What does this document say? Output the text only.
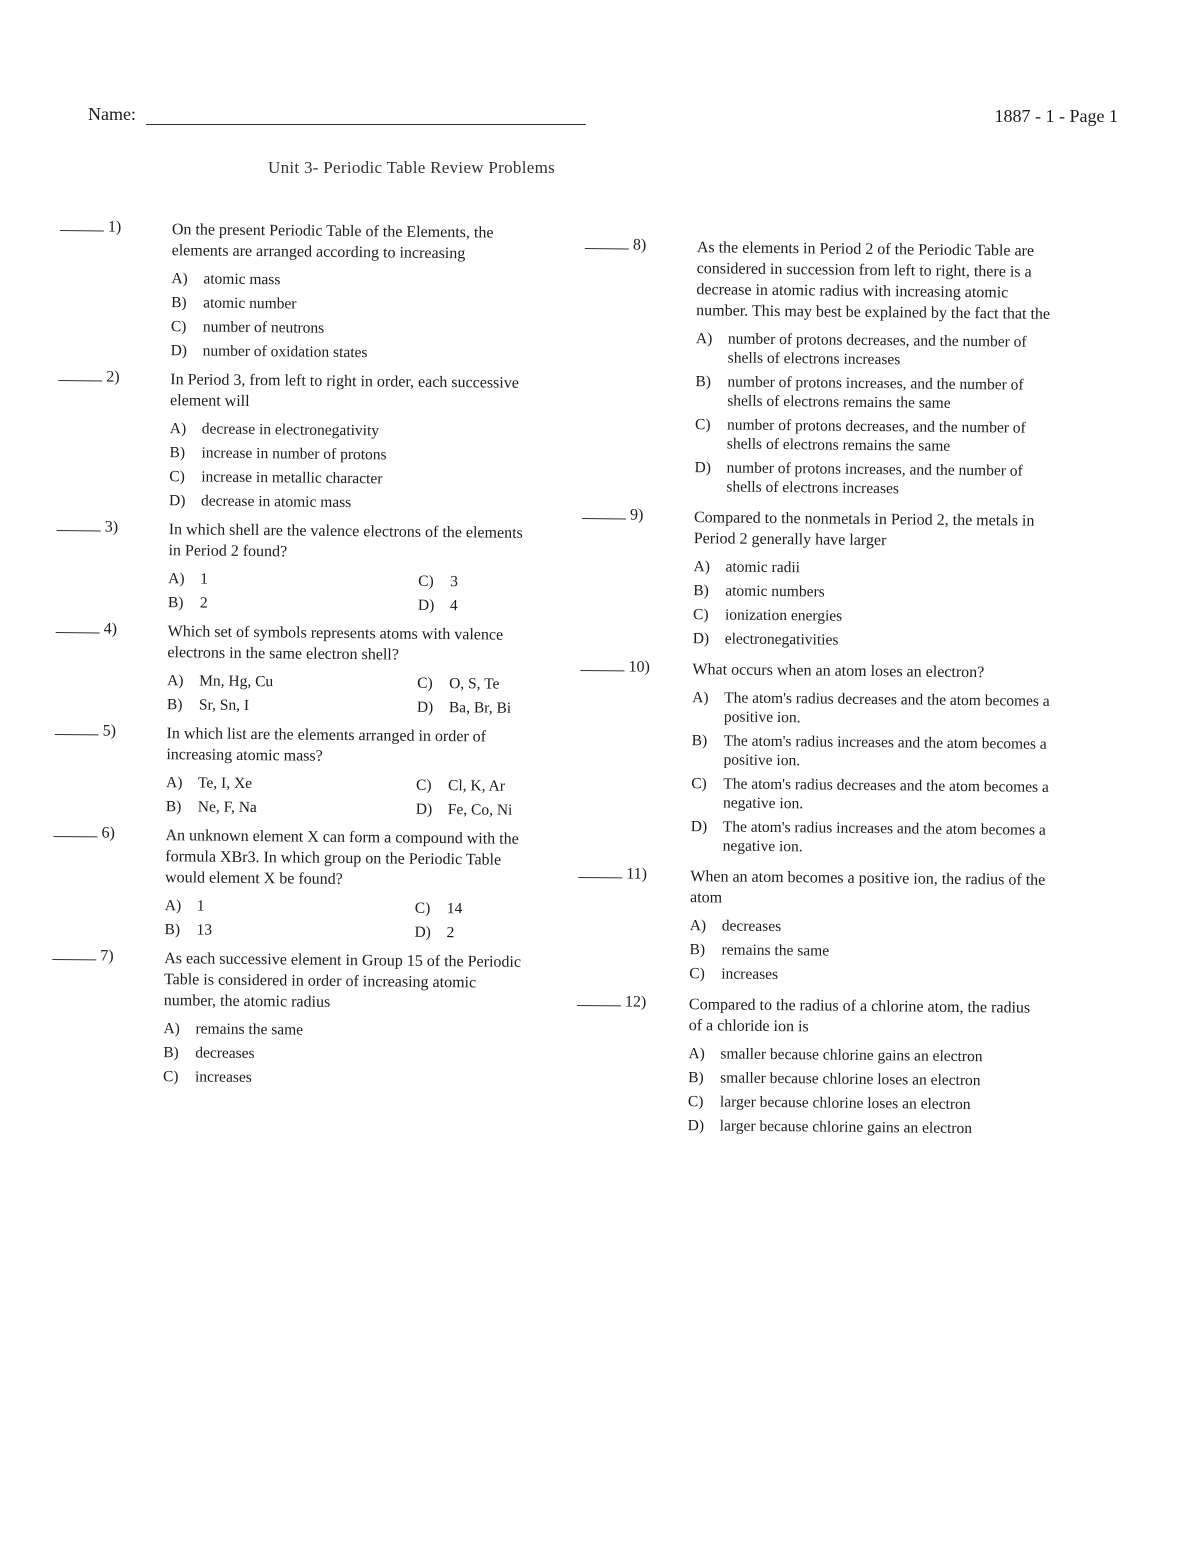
Name:	1887 - 1 - Page 1
Unit 3- Periodic Table Review Problems
1)	On the present Periodic Table of the Elements, the elements are arranged according to increasing
A) atomic mass
B)	atomic number
C)	number of neutrons
D) number of oxidation states
2)	In Period 3, from left to right in order, each successive element will
A) decrease in electronegativity
B)	increase in number of protons
C)	increase in metallic character
D) decrease in atomic mass
3)	In which shell are the valence electrons of the elements in Period 2 found?
A) 1	C)	3
B)	2	D) 4
4)	Which set of symbols represents atoms with valence electrons in the same electron shell?
A) Mn, Hg, Cu	C)	O, S, Te
B)	Sr, Sn, I	D) Ba, Br, Bi
5)	In which list are the elements arranged in order of increasing atomic mass?
A) Te, I, Xe	C)	Cl, K, Ar
B)	Ne, F, Na	D) Fe, Co, Ni
6)	An unknown element X can form a compound with the formula XBr3. In which group on the Periodic Table would element X be found?
A) 1	C)	14
B)	13	D) 2
7)	As each successive element in Group 15 of the Periodic Table is considered in order of increasing atomic number, the atomic radius
A) remains the same
B)	decreases
C)	increases
8)	As the elements in Period 2 of the Periodic Table are considered in succession from left to right, there is a decrease in atomic radius with increasing atomic number. This may best be explained by the fact that the
A) number of protons decreases, and the number of shells of electrons increases
B)	number of protons increases, and the number of shells of electrons remains the same
C)	number of protons decreases, and the number of shells of electrons remains the same
D) number of protons increases, and the number of shells of electrons increases
9)	Compared to the nonmetals in Period 2, the metals in Period 2 generally have larger
A) atomic radii
B)	atomic numbers
C)	ionization energies
D) electronegativities
10)	What occurs when an atom loses an electron?
A) The atom's radius decreases and the atom becomes a positive ion.
B)	The atom's radius increases and the atom becomes a positive ion.
C)	The atom's radius decreases and the atom becomes a negative ion.
D) The atom's radius increases and the atom becomes a negative ion.
11)	When an atom becomes a positive ion, the radius of the atom
A) decreases
B)	remains the same
C)	increases
12)	Compared to the radius of a chlorine atom, the radius of a chloride ion is
A) smaller because chlorine gains an electron
B)	smaller because chlorine loses an electron
C)	larger because chlorine loses an electron
D) larger because chlorine gains an electron
